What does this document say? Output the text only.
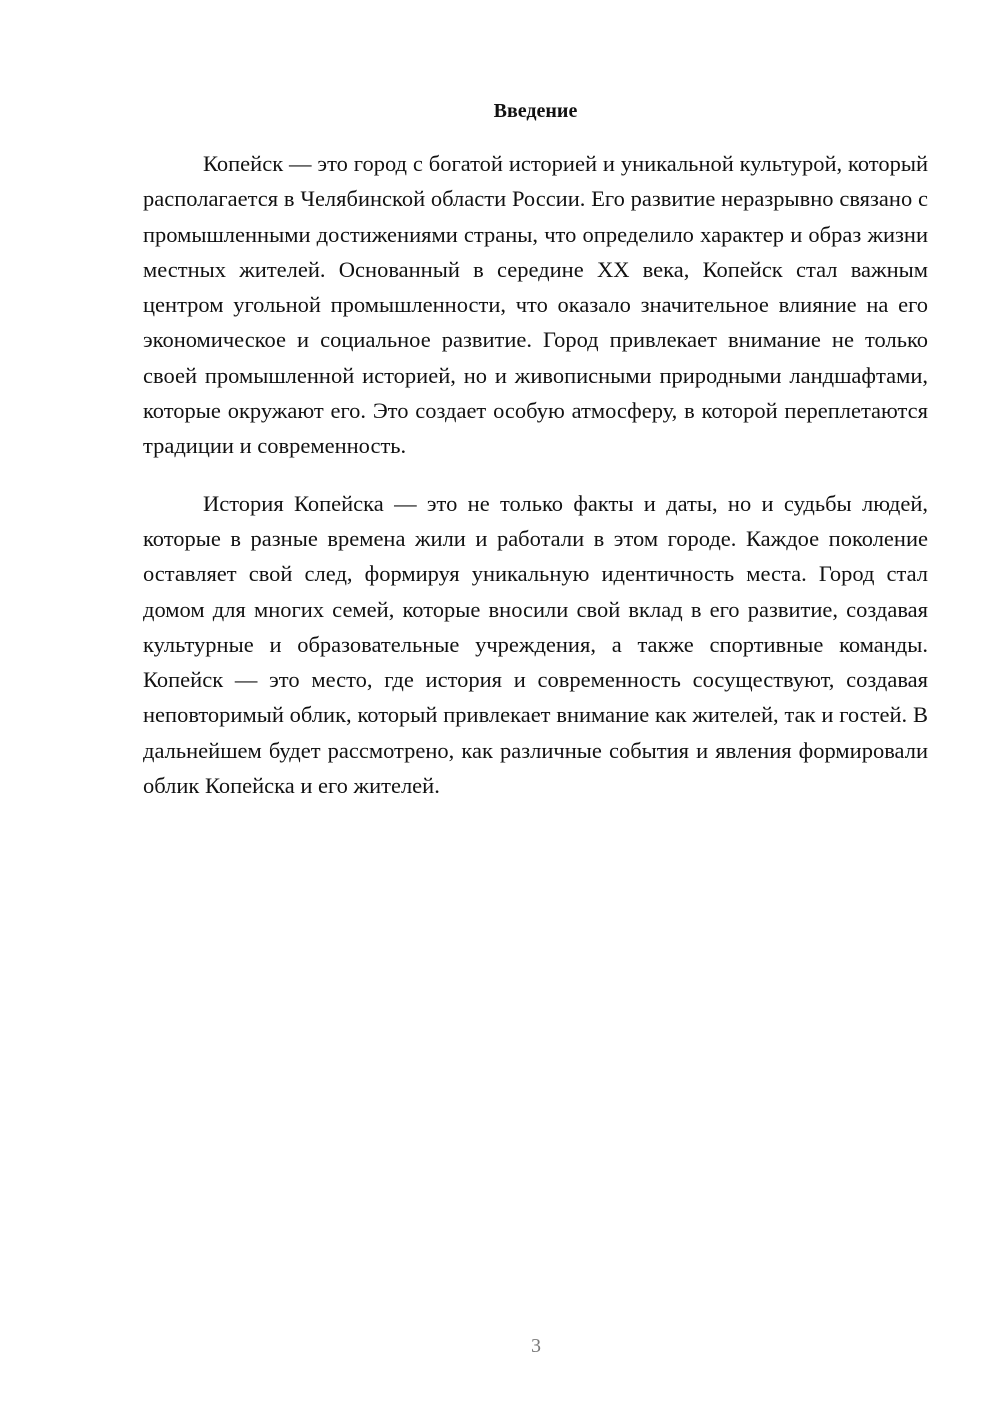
Введение

Копейск — это город с богатой историей и уникальной культурой, который располагается в Челябинской области России. Его развитие неразрывно связано с промышленными достижениями страны, что определило характер и образ жизни местных жителей. Основанный в середине XX века, Копейск стал важным центром угольной промышленности, что оказало значительное влияние на его экономическое и социальное развитие. Город привлекает внимание не только своей промышленной историей, но и живописными природными ландшафтами, которые окружают его. Это создает особую атмосферу, в которой переплетаются традиции и современность.

История Копейска — это не только факты и даты, но и судьбы людей, которые в разные времена жили и работали в этом городе. Каждое поколение оставляет свой след, формируя уникальную идентичность места. Город стал домом для многих семей, которые вносили свой вклад в его развитие, создавая культурные и образовательные учреждения, а также спортивные команды. Копейск — это место, где история и современность сосуществуют, создавая неповторимый облик, который привлекает внимание как жителей, так и гостей. В дальнейшем будет рассмотрено, как различные события и явления формировали облик Копейска и его жителей.

3
